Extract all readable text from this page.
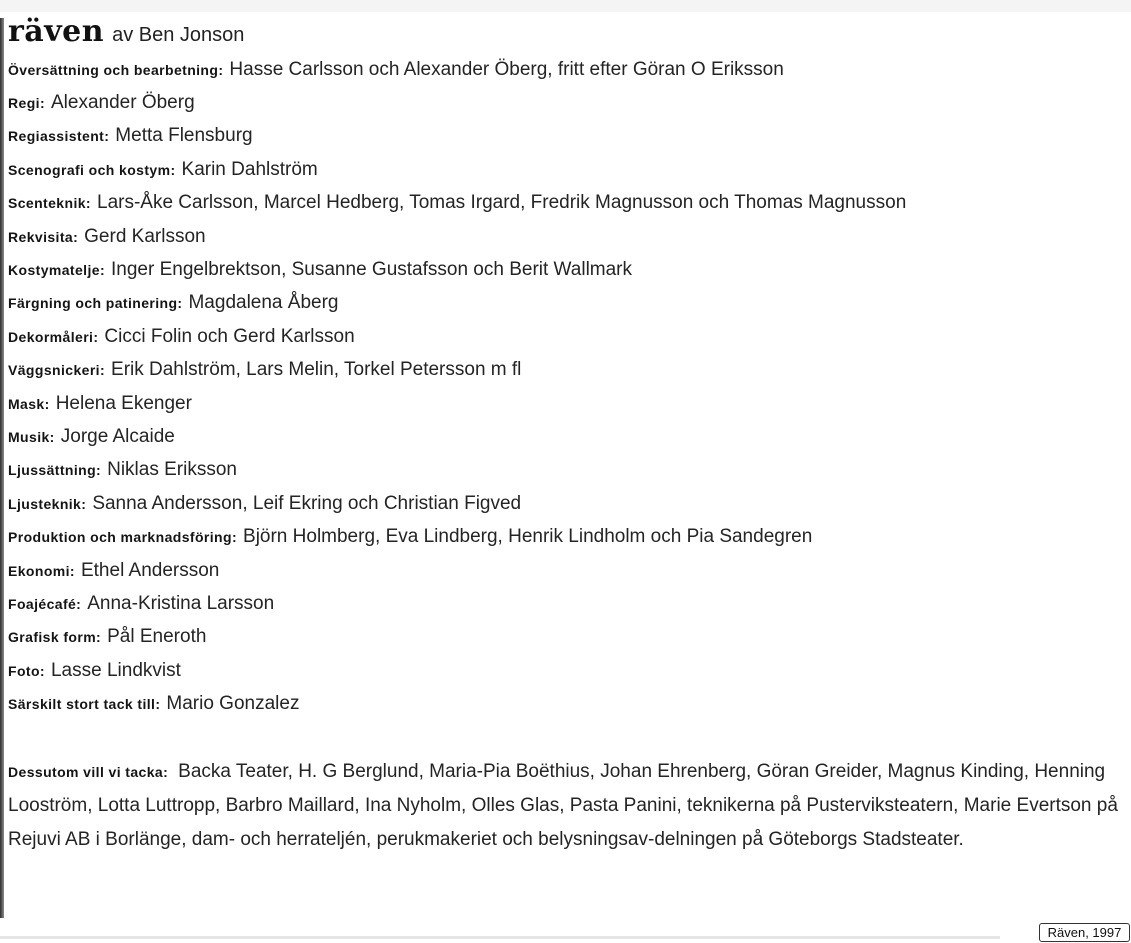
räven av Ben Jonson
Översättning och bearbetning: Hasse Carlsson och Alexander Öberg, fritt efter Göran O Eriksson
Regi: Alexander Öberg
Regiassistent: Metta Flensburg
Scenografi och kostym: Karin Dahlström
Scenteknik: Lars-Åke Carlsson, Marcel Hedberg, Tomas Irgard, Fredrik Magnusson och Thomas Magnusson
Rekvisita: Gerd Karlsson
Kostymatelje: Inger Engelbrektson, Susanne Gustafsson och Berit Wallmark
Färgning och patinering: Magdalena Åberg
Dekormåleri: Cicci Folin och Gerd Karlsson
Väggsnickeri: Erik Dahlström, Lars Melin, Torkel Petersson m fl
Mask: Helena Ekenger
Musik: Jorge Alcaide
Ljussättning: Niklas Eriksson
Ljusteknik: Sanna Andersson, Leif Ekring och Christian Figved
Produktion och marknadsföring: Björn Holmberg, Eva Lindberg, Henrik Lindholm och Pia Sandegren
Ekonomi: Ethel Andersson
Foajécafé: Anna-Kristina Larsson
Grafisk form: Pål Eneroth
Foto: Lasse Lindkvist
Särskilt stort tack till: Mario Gonzalez
Dessutom vill vi tacka: Backa Teater, H. G Berglund, Maria-Pia Boëthius, Johan Ehrenberg, Göran Greider, Magnus Kinding, Henning Looström, Lotta Luttropp, Barbro Maillard, Ina Nyholm, Olles Glas, Pasta Panini, teknikerna på Pusterviksteatern, Marie Evertson på Rejuvi AB i Borlänge, dam- och herrateljén, perukmakeriet och belysningsav-delningen på Göteborgs Stadsteater.
Räven, 1997
